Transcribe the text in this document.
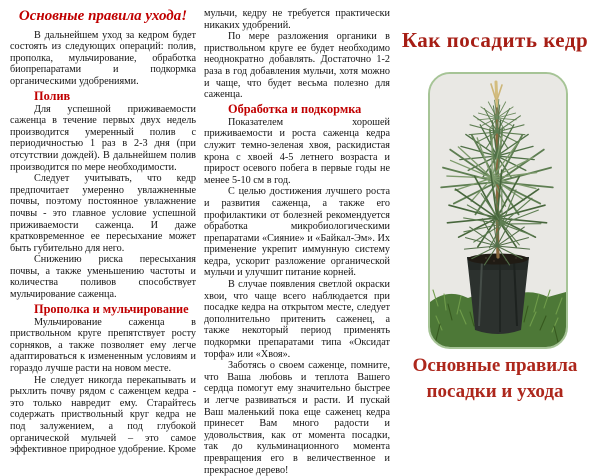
Основные правила ухода!

В дальнейшем уход за кедром будет состоять из следующих операций: полив, прополка, мульчирование, обработка биопрепаратами и подкормка органическими удобрениями.

Полив

Для успешной приживаемости саженца в течение первых двух недель производится умеренный полив с периодичностью 1 раз в 2-3 дня (при отсутствии дождей). В дальнейшем полив производится по мере необходимости.

Следует учитывать, что кедр предпочитает умеренно увлажненные почвы, поэтому постоянное увлажнение почвы - это главное условие успешной приживаемости саженца. И даже кратковременное ее пересыхание может быть губительно для него.

Снижению риска пересыхания почвы, а также уменьшению частоты и количества поливов способствует мульчирование саженца.

Прополка и мульчирование

Мульчирование саженца в приствольном круге препятствует росту сорняков, а также позволяет ему легче адаптироваться к измененным условиям и гораздо лучше расти на новом месте.

Не следует никогда перекапывать и рыхлить почву рядом с саженцем кедра - это только навредит ему. Старайтесь содержать приствольный круг кедра не под залужением, а под глубокой органической мульчей – это самое эффективное природное удобрение. Кроме

мульчи, кедру не требуется практически никаких удобрений.

По мере разложения органики в приствольном круге ее будет необходимо неоднократно добавлять. Достаточно 1-2 раза в год добавления мульчи, хотя можно и чаще, что будет весьма полезно для саженца.

Обработка и подкормка

Показателем хорошей приживаемости и роста саженца кедра служит темно-зеленая хвоя, раскидистая крона с хвоей 4-5 летнего возраста и прирост осевого побега в первые годы не менее 5-10 см в год.

С целью достижения лучшего роста и развития саженца, а также его профилактики от болезней рекомендуется обработка микробиологическими препаратами «Сияние» и «Байкал-Эм». Их применение укрепит иммунную систему кедра, ускорит разложение органической мульчи и улучшит питание корней.

В случае появления светлой окраски хвои, что чаще всего наблюдается при посадке кедра на открытом месте, следует дополнительно притенить саженец, а также некоторый период применять подкормки препаратами типа «Оксидат торфа» или «Хвоя».

Заботясь о своем саженце, помните, что Ваша любовь и теплота Вашего сердца помогут ему значительно быстрее и легче развиваться и расти. И пускай Ваш маленький пока еще саженец кедра принесет Вам много радости и удовольствия, как от момента посадки, так до кульминационного момента превращения его в величественное и прекрасное дерево!

Как посадить кедр
Основные правила посадки и ухода
